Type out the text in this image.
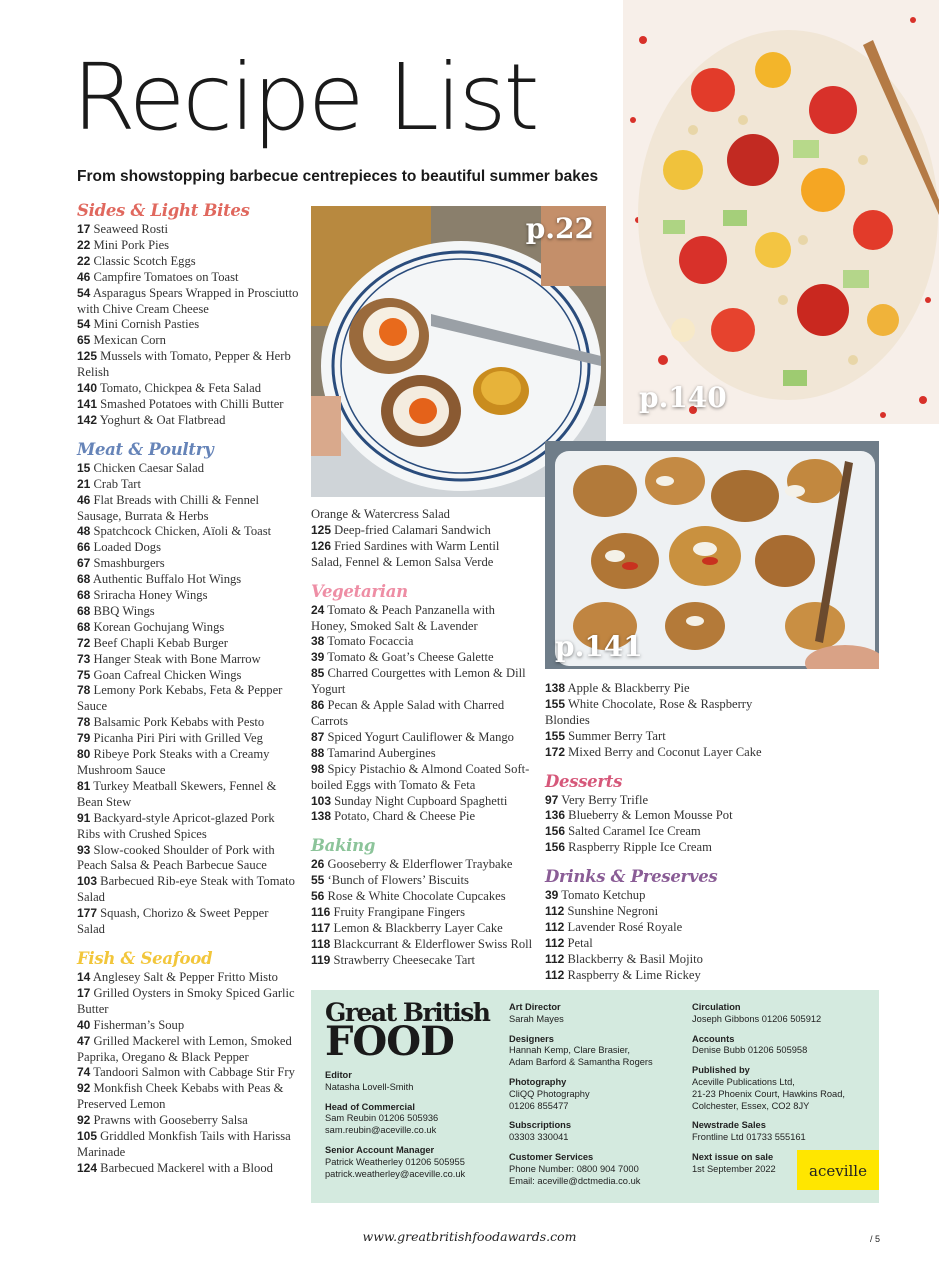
Recipe List
From showstopping barbecue centrepieces to beautiful summer bakes
Sides & Light Bites
17 Seaweed Rosti
22 Mini Pork Pies
22 Classic Scotch Eggs
46 Campfire Tomatoes on Toast
54 Asparagus Spears Wrapped in Prosciutto with Chive Cream Cheese
54 Mini Cornish Pasties
65 Mexican Corn
125 Mussels with Tomato, Pepper & Herb Relish
140 Tomato, Chickpea & Feta Salad
141 Smashed Potatoes with Chilli Butter
142 Yoghurt & Oat Flatbread
Meat & Poultry
15 Chicken Caesar Salad
21 Crab Tart
46 Flat Breads with Chilli & Fennel Sausage, Burrata & Herbs
48 Spatchcock Chicken, Aïoli & Toast
66 Loaded Dogs
67 Smashburgers
68 Authentic Buffalo Hot Wings
68 Sriracha Honey Wings
68 BBQ Wings
68 Korean Gochujang Wings
72 Beef Chapli Kebab Burger
73 Hanger Steak with Bone Marrow
75 Goan Cafreal Chicken Wings
78 Lemony Pork Kebabs, Feta & Pepper Sauce
78 Balsamic Pork Kebabs with Pesto
79 Picanha Piri Piri with Grilled Veg
80 Ribeye Pork Steaks with a Creamy Mushroom Sauce
81 Turkey Meatball Skewers, Fennel & Bean Stew
91 Backyard-style Apricot-glazed Pork Ribs with Crushed Spices
93 Slow-cooked Shoulder of Pork with Peach Salsa & Peach Barbecue Sauce
103 Barbecued Rib-eye Steak with Tomato Salad
177 Squash, Chorizo & Sweet Pepper Salad
Fish & Seafood
14 Anglesey Salt & Pepper Fritto Misto
17 Grilled Oysters in Smoky Spiced Garlic Butter
40 Fisherman’s Soup
47 Grilled Mackerel with Lemon, Smoked Paprika, Oregano & Black Pepper
74 Tandoori Salmon with Cabbage Stir Fry
92 Monkfish Cheek Kebabs with Peas & Preserved Lemon
92 Prawns with Gooseberry Salsa
105 Griddled Monkfish Tails with Harissa Marinade
124 Barbecued Mackerel with a Blood
Orange & Watercress Salad
125 Deep-fried Calamari Sandwich
126 Fried Sardines with Warm Lentil Salad, Fennel & Lemon Salsa Verde
Vegetarian
24 Tomato & Peach Panzanella with Honey, Smoked Salt & Lavender
38 Tomato Focaccia
39 Tomato & Goat’s Cheese Galette
85 Charred Courgettes with Lemon & Dill Yogurt
86 Pecan & Apple Salad with Charred Carrots
87 Spiced Yogurt Cauliflower & Mango
88 Tamarind Aubergines
98 Spicy Pistachio & Almond Coated Soft-boiled Eggs with Tomato & Feta
103 Sunday Night Cupboard Spaghetti
138 Potato, Chard & Cheese Pie
Baking
26 Gooseberry & Elderflower Traybake
55 ‘Bunch of Flowers’ Biscuits
56 Rose & White Chocolate Cupcakes
116 Fruity Frangipane Fingers
117 Lemon & Blackberry Layer Cake
118 Blackcurrant & Elderflower Swiss Roll
119 Strawberry Cheesecake Tart
138 Apple & Blackberry Pie
155 White Chocolate, Rose & Raspberry Blondies
155 Summer Berry Tart
172 Mixed Berry and Coconut Layer Cake
Desserts
97 Very Berry Trifle
136 Blueberry & Lemon Mousse Pot
156 Salted Caramel Ice Cream
156 Raspberry Ripple Ice Cream
Drinks & Preserves
39 Tomato Ketchup
112 Sunshine Negroni
112 Lavender Rosé Royale
112 Petal
112 Blackberry & Basil Mojito
112 Raspberry & Lime Rickey
p.22
p.140
p.141
Great British
FOOD
Editor
Natasha Lovell-Smith
Head of Commercial
Sam Reubin 01206 505936
sam.reubin@aceville.co.uk
Senior Account Manager
Patrick Weatherley 01206 505955
patrick.weatherley@aceville.co.uk
Art Director
Sarah Mayes
Designers
Hannah Kemp, Clare Brasier,
Adam Barford & Samantha Rogers
Photography
CliQQ Photography
01206 855477
Subscriptions
03303 330041
Customer Services
Phone Number: 0800 904 7000
Email: aceville@dctmedia.co.uk
Circulation
Joseph Gibbons 01206 505912
Accounts
Denise Bubb 01206 505958
Published by
Aceville Publications Ltd,
21-23 Phoenix Court, Hawkins Road,
Colchester, Essex, CO2 8JY
Newstrade Sales
Frontline Ltd 01733 555161
Next issue on sale
1st September 2022	aceville
www.greatbritishfoodawards.com	/ 5
